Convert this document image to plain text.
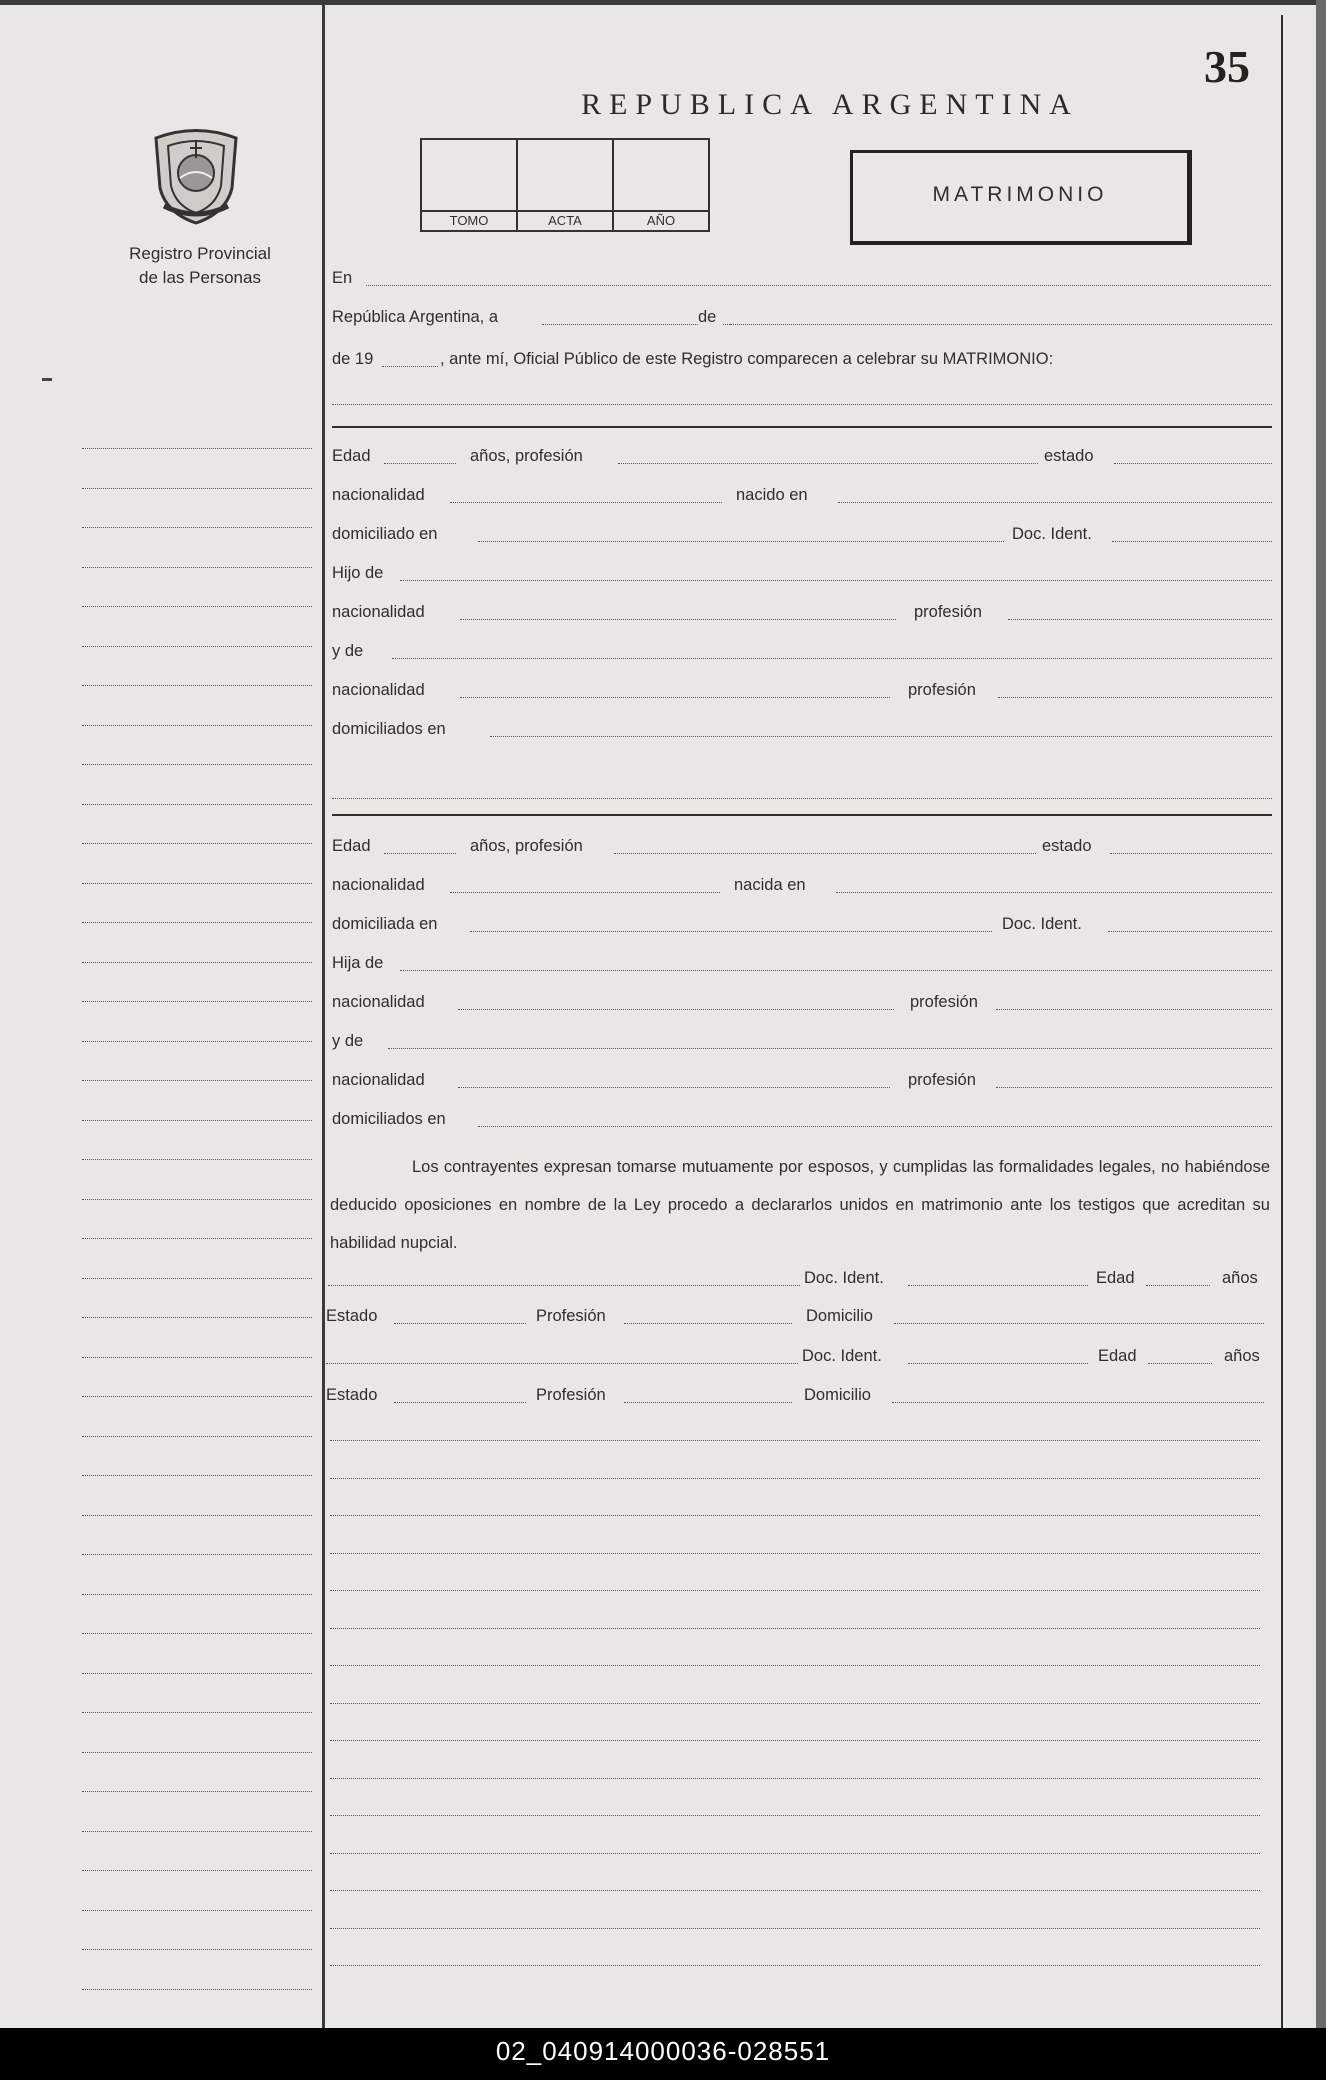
35
REPUBLICA ARGENTINA
TOMO	ACTA	AÑO
MATRIMONIO
Registro Provincial
de las Personas	En
República Argentina, a	de
de 19	, ante mí, Oficial Público de este Registro comparecen a celebrar su MATRIMONIO:
Edad	años, profesión	estado
nacionalidad	nacido en
domiciliado en	Doc. Ident.
Hijo de
nacionalidad	profesión
y de
nacionalidad	profesión
domiciliados en
Edad	años, profesión	estado
nacionalidad	nacida en
domiciliada en	Doc. Ident.
Hija de
nacionalidad	profesión
y de
nacionalidad	profesión
domiciliados en
Los contrayentes expresan tomarse mutuamente por esposos, y cumplidas las formalidades legales, no habiéndose deducido oposiciones en nombre de la Ley procedo a declararlos unidos en matrimonio ante los testigos que acreditan su habilidad nupcial.
Doc. Ident.	Edad	años
Estado	Profesión	Domicilio
Doc. Ident.	Edad	años
Estado	Profesión	Domicilio
02_040914000036-028551
